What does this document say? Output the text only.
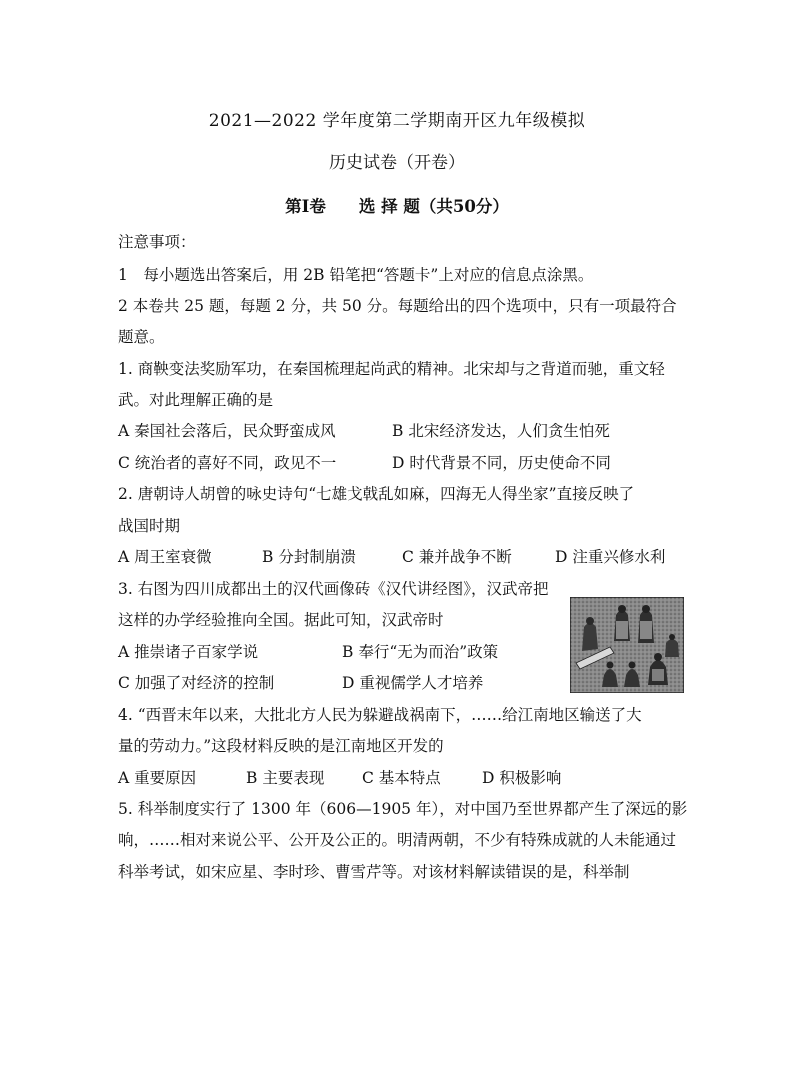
2021—2022 学年度第二学期南开区九年级模拟
历史试卷（开卷）
第Ⅰ卷　　选 择 题（共50分）
注意事项：
1　每小题选出答案后，用 2B 铅笔把“答题卡”上对应的信息点涂黑。
2 本卷共 25 题，每题 2 分，共 50 分。每题给出的四个选项中，只有一项最符合
题意。
1. 商鞅变法奖励军功，在秦国梳理起尚武的精神。北宋却与之背道而驰，重文轻
武。对此理解正确的是
A 秦国社会落后，民众野蛮成风	B 北宋经济发达，人们贪生怕死
C 统治者的喜好不同，政见不一	D 时代背景不同，历史使命不同
2. 唐朝诗人胡曾的咏史诗句“七雄戈戟乱如麻，四海无人得坐家”直接反映了
战国时期
A 周王室衰微	B 分封制崩溃	C 兼并战争不断	D 注重兴修水利
3. 右图为四川成都出土的汉代画像砖《汉代讲经图》，汉武帝把
这样的办学经验推向全国。据此可知，汉武帝时
A 推崇诸子百家学说	B 奉行“无为而治”政策
C 加强了对经济的控制	D 重视儒学人才培养
4. “西晋末年以来，大批北方人民为躲避战祸南下，……给江南地区输送了大
量的劳动力。”这段材料反映的是江南地区开发的
A 重要原因	B 主要表现 C 基本特点	D 积极影响
5. 科举制度实行了 1300 年（606—1905 年），对中国乃至世界都产生了深远的影
响，……相对来说公平、公开及公正的。明清两朝，不少有特殊成就的人未能通过
科举考试，如宋应星、李时珍、曹雪芹等。对该材料解读错误的是，科举制
